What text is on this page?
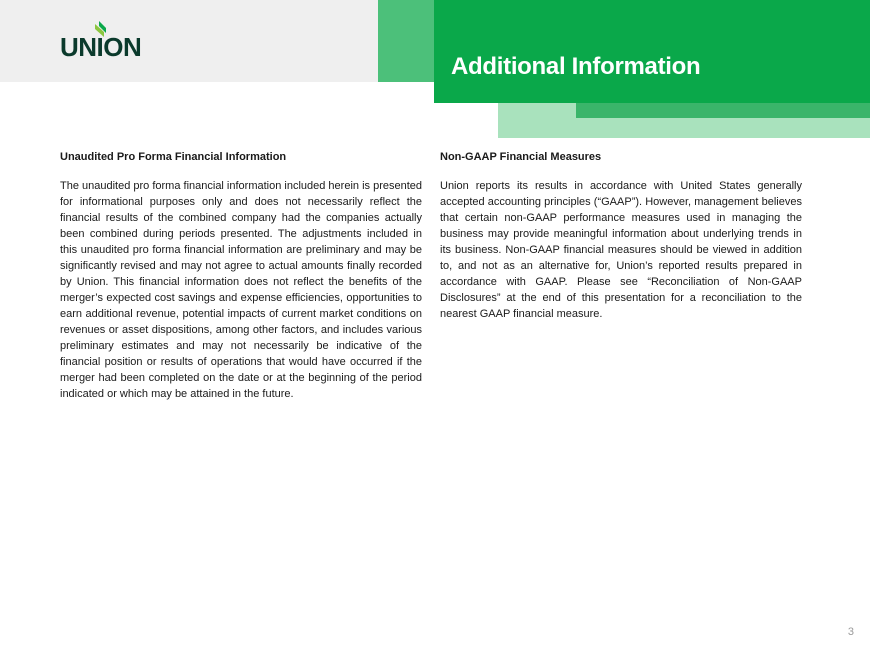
UNION
Additional Information
Unaudited Pro Forma Financial Information

The unaudited pro forma financial information included herein is presented for informational purposes only and does not necessarily reflect the financial results of the combined company had the companies actually been combined during periods presented. The adjustments included in this unaudited pro forma financial information are preliminary and may be significantly revised and may not agree to actual amounts finally recorded by Union. This financial information does not reflect the benefits of the merger’s expected cost savings and expense efficiencies, opportunities to earn additional revenue, potential impacts of current market conditions on revenues or asset dispositions, among other factors, and includes various preliminary estimates and may not necessarily be indicative of the financial position or results of operations that would have occurred if the merger had been completed on the date or at the beginning of the period indicated or which may be attained in the future.

Non-GAAP Financial Measures

Union reports its results in accordance with United States generally accepted accounting principles (“GAAP”). However, management believes that certain non-GAAP performance measures used in managing the business may provide meaningful information about underlying trends in its business. Non-GAAP financial measures should be viewed in addition to, and not as an alternative for, Union’s reported results prepared in accordance with GAAP. Please see “Reconciliation of Non-GAAP Disclosures” at the end of this presentation for a reconciliation to the nearest GAAP financial measure.

3
